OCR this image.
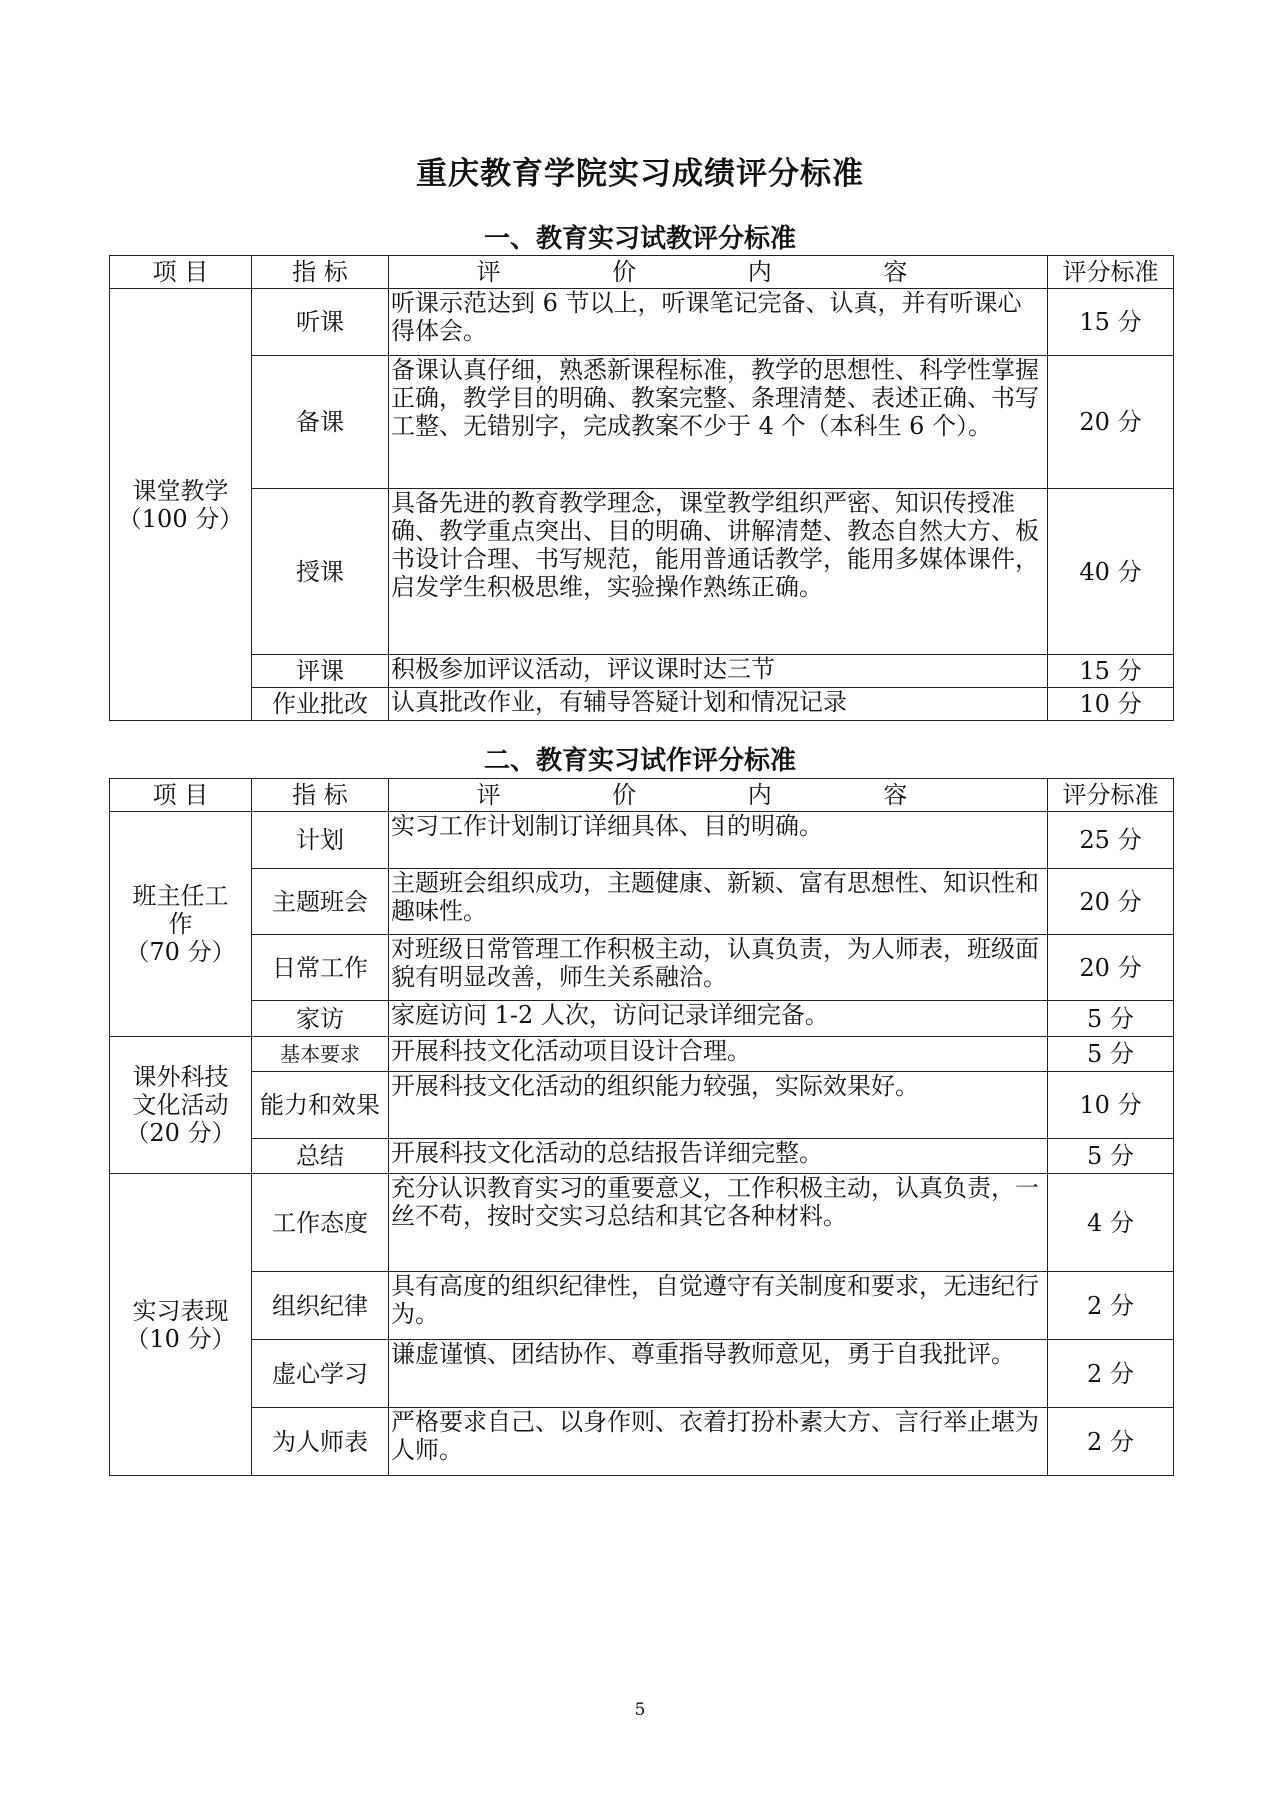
重庆教育学院实习成绩评分标准
一、教育实习试教评分标准
项 目	指 标	评 价 内 容	评分标准

课堂教学
（100 分）	听课	听课示范达到 6 节以上，听课笔记完备、认真，并有听课心得体会。	15 分
	备课	备课认真仔细，熟悉新课程标准，教学的思想性、科学性掌握正确，教学目的明确、教案完整、条理清楚、表述正确、书写工整、无错别字，完成教案不少于 4 个（本科生 6 个）。	20 分
	授课	具备先进的教育教学理念，课堂教学组织严密、知识传授准确、教学重点突出、目的明确、讲解清楚、教态自然大方、板书设计合理、书写规范，能用普通话教学，能用多媒体课件，启发学生积极思维，实验操作熟练正确。	40 分
	评课	积极参加评议活动，评议课时达三节	15 分
	作业批改	认真批改作业，有辅导答疑计划和情况记录	10 分
二、教育实习试作评分标准
项 目	指 标	评 价 内 容	评分标准

班主任工
作
（70 分）	计划	实习工作计划制订详细具体、目的明确。	25 分
	主题班会	主题班会组织成功，主题健康、新颖、富有思想性、知识性和趣味性。	20 分
	日常工作	对班级日常管理工作积极主动，认真负责，为人师表，班级面貌有明显改善，师生关系融洽。	20 分
	家访	家庭访问 1-2 人次，访问记录详细完备。	5 分

课外科技
文化活动
（20 分）	基本要求	开展科技文化活动项目设计合理。	5 分
	能力和效果	开展科技文化活动的组织能力较强，实际效果好。	10 分
	总结	开展科技文化活动的总结报告详细完整。	5 分

实习表现
（10 分）	工作态度	充分认识教育实习的重要意义，工作积极主动，认真负责，一丝不苟，按时交实习总结和其它各种材料。	4 分
	组织纪律	具有高度的组织纪律性，自觉遵守有关制度和要求，无违纪行为。	2 分
	虚心学习	谦虚谨慎、团结协作、尊重指导教师意见，勇于自我批评。	2 分
	为人师表	严格要求自己、以身作则、衣着打扮朴素大方、言行举止堪为人师。	2 分
5
